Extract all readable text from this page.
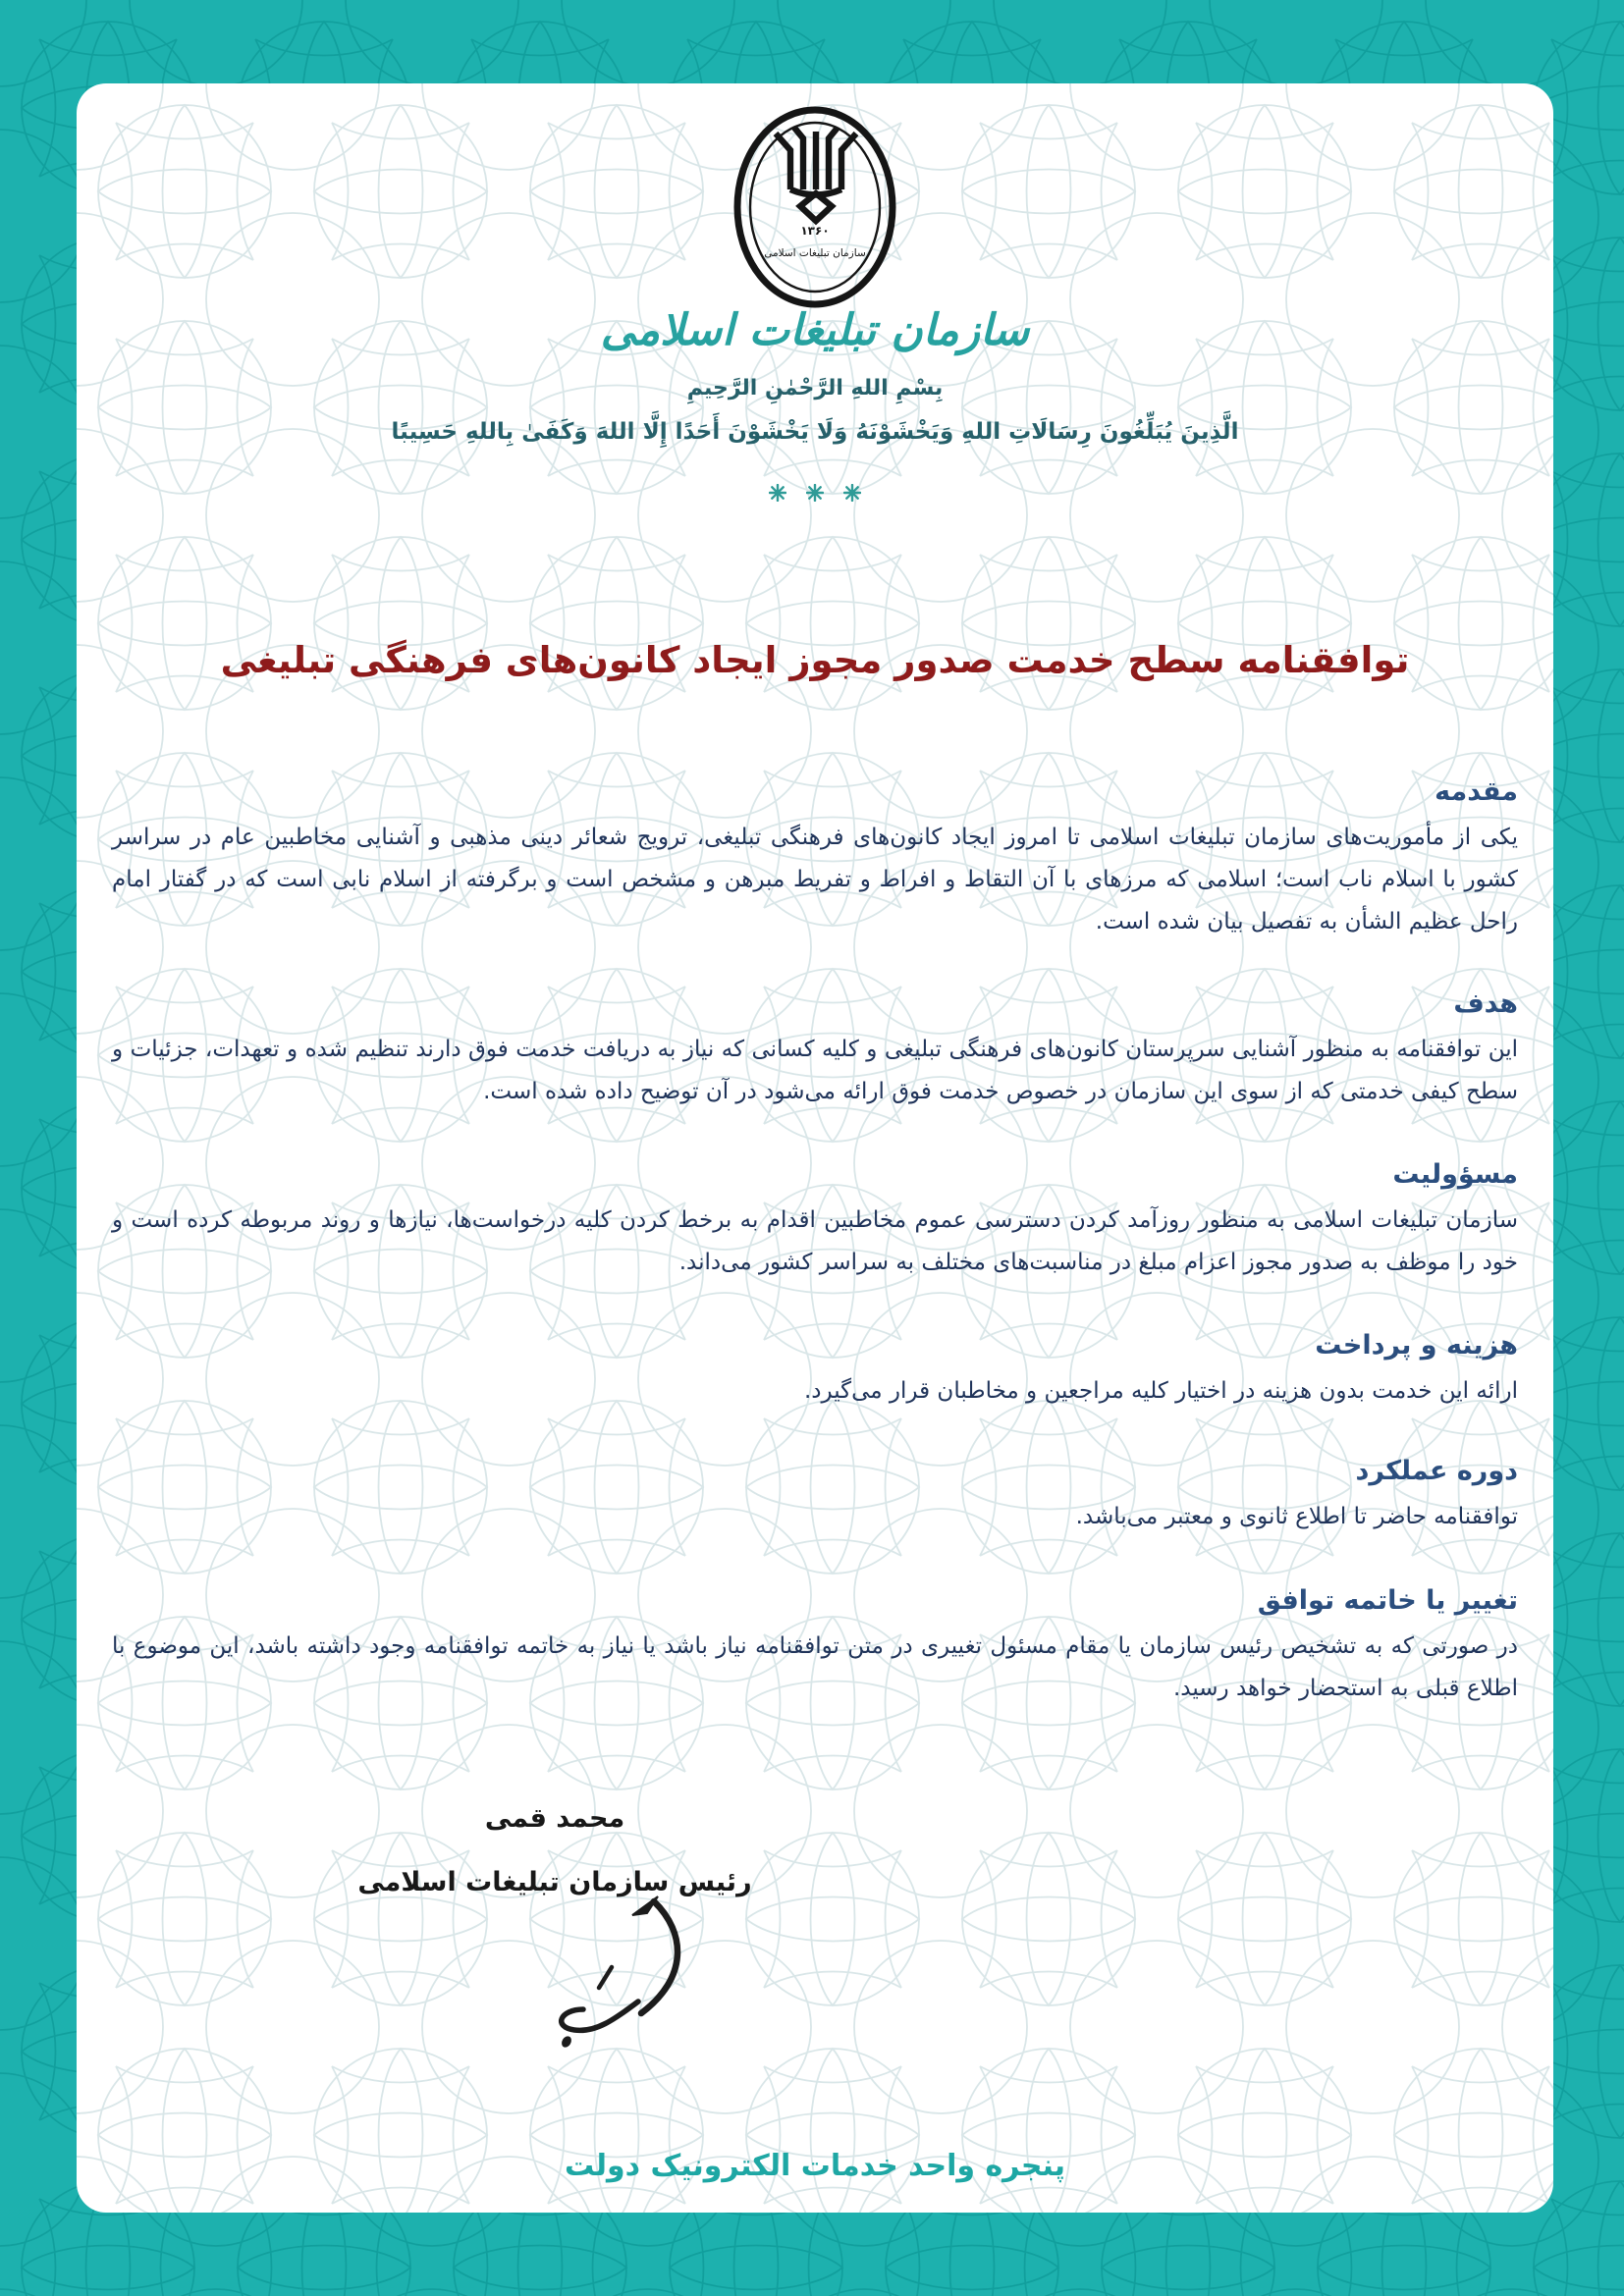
۱۳۶۰
سازمان تبلیغات اسلامی
سازمان تبلیغات اسلامی
بِسْمِ اللهِ الرَّحْمٰنِ الرَّحِيمِ
الَّذِينَ يُبَلِّغُونَ رِسَالَاتِ اللهِ وَيَخْشَوْنَهُ وَلَا يَخْشَوْنَ أَحَدًا إِلَّا اللهَ وَكَفَىٰ بِاللهِ حَسِيبًا
توافقنامه سطح خدمت صدور مجوز ایجاد کانون‌های فرهنگی تبلیغی
مقدمه

یکی از مأموریت‌های سازمان تبلیغات اسلامی تا امروز ایجاد کانون‌های فرهنگی تبلیغی، ترویج شعائر دینی مذهبی و آشنایی مخاطبین عام در سراسر کشور با اسلام ناب است؛ اسلامی که مرزهای با آن التقاط و افراط و تفریط مبرهن و مشخص است و برگرفته از اسلام نابی است که در گفتار امام راحل عظیم الشأن به تفصیل بیان شده است.

هدف

این توافقنامه به منظور آشنایی سرپرستان کانون‌های فرهنگی تبلیغی و کلیه کسانی که نیاز به دریافت خدمت فوق دارند تنظیم شده و تعهدات، جزئیات و سطح کیفی خدمتی که از سوی این سازمان در خصوص خدمت فوق ارائه می‌شود در آن توضیح داده شده است.

مسؤولیت

سازمان تبلیغات اسلامی به منظور روزآمد کردن دسترسی عموم مخاطبین اقدام به برخط کردن کلیه درخواست‌ها، نیازها و روند مربوطه کرده است و خود را موظف به صدور مجوز اعزام مبلغ در مناسبت‌های مختلف به سراسر کشور می‌داند.

هزینه و پرداخت

ارائه این خدمت بدون هزینه در اختیار کلیه مراجعین و مخاطبان قرار می‌گیرد.

دوره عملکرد

توافقنامه حاضر تا اطلاع ثانوی و معتبر می‌باشد.

تغییر یا خاتمه توافق

در صورتی که به تشخیص رئیس سازمان یا مقام مسئول تغییری در متن توافقنامه نیاز باشد یا نیاز به خاتمه توافقنامه وجود داشته باشد، این موضوع با اطلاع قبلی به استحضار خواهد رسید.

محمد قمی

رئیس سازمان تبلیغات اسلامی

پنجره واحد خدمات الکترونیک دولت
